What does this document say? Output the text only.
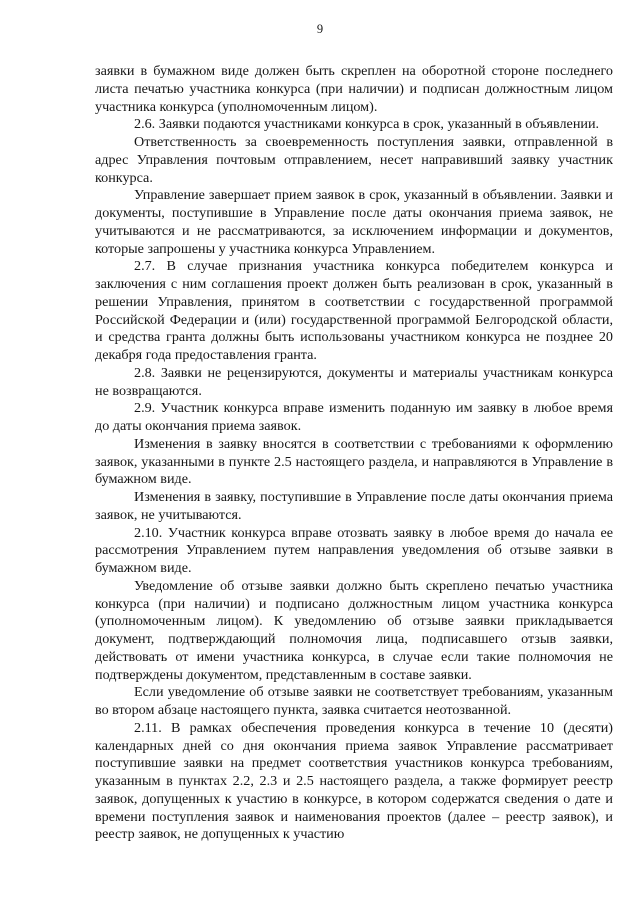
9

заявки в бумажном виде должен быть скреплен на оборотной стороне последнего листа печатью участника конкурса (при наличии) и подписан должностным лицом участника конкурса (уполномоченным лицом).

2.6. Заявки подаются участниками конкурса в срок, указанный в объявлении.

Ответственность за своевременность поступления заявки, отправленной в адрес Управления почтовым отправлением, несет направивший заявку участник конкурса.

Управление завершает прием заявок в срок, указанный в объявлении. Заявки и документы, поступившие в Управление после даты окончания приема заявок, не учитываются и не рассматриваются, за исключением информации и документов, которые запрошены у участника конкурса Управлением.

2.7. В случае признания участника конкурса победителем конкурса и заключения с ним соглашения проект должен быть реализован в срок, указанный в решении Управления, принятом в соответствии с государственной программой Российской Федерации и (или) государственной программой Белгородской области, и средства гранта должны быть использованы участником конкурса не позднее 20 декабря года предоставления гранта.

2.8. Заявки не рецензируются, документы и материалы участникам конкурса не возвращаются.

2.9. Участник конкурса вправе изменить поданную им заявку в любое время до даты окончания приема заявок.

Изменения в заявку вносятся в соответствии с требованиями к оформлению заявок, указанными в пункте 2.5 настоящего раздела, и направляются в Управление в бумажном виде.

Изменения в заявку, поступившие в Управление после даты окончания приема заявок, не учитываются.

2.10. Участник конкурса вправе отозвать заявку в любое время до начала ее рассмотрения Управлением путем направления уведомления об отзыве заявки в бумажном виде.

Уведомление об отзыве заявки должно быть скреплено печатью участника конкурса (при наличии) и подписано должностным лицом участника конкурса (уполномоченным лицом). К уведомлению об отзыве заявки прикладывается документ, подтверждающий полномочия лица, подписавшего отзыв заявки, действовать от имени участника конкурса, в случае если такие полномочия не подтверждены документом, представленным в составе заявки.

Если уведомление об отзыве заявки не соответствует требованиям, указанным во втором абзаце настоящего пункта, заявка считается неотозванной.

2.11. В рамках обеспечения проведения конкурса в течение 10 (десяти) календарных дней со дня окончания приема заявок Управление рассматривает поступившие заявки на предмет соответствия участников конкурса требованиям, указанным в пунктах 2.2, 2.3 и 2.5 настоящего раздела, а также формирует реестр заявок, допущенных к участию в конкурсе, в котором содержатся сведения о дате и времени поступления заявок и наименования проектов (далее – реестр заявок), и реестр заявок, не допущенных к участию
